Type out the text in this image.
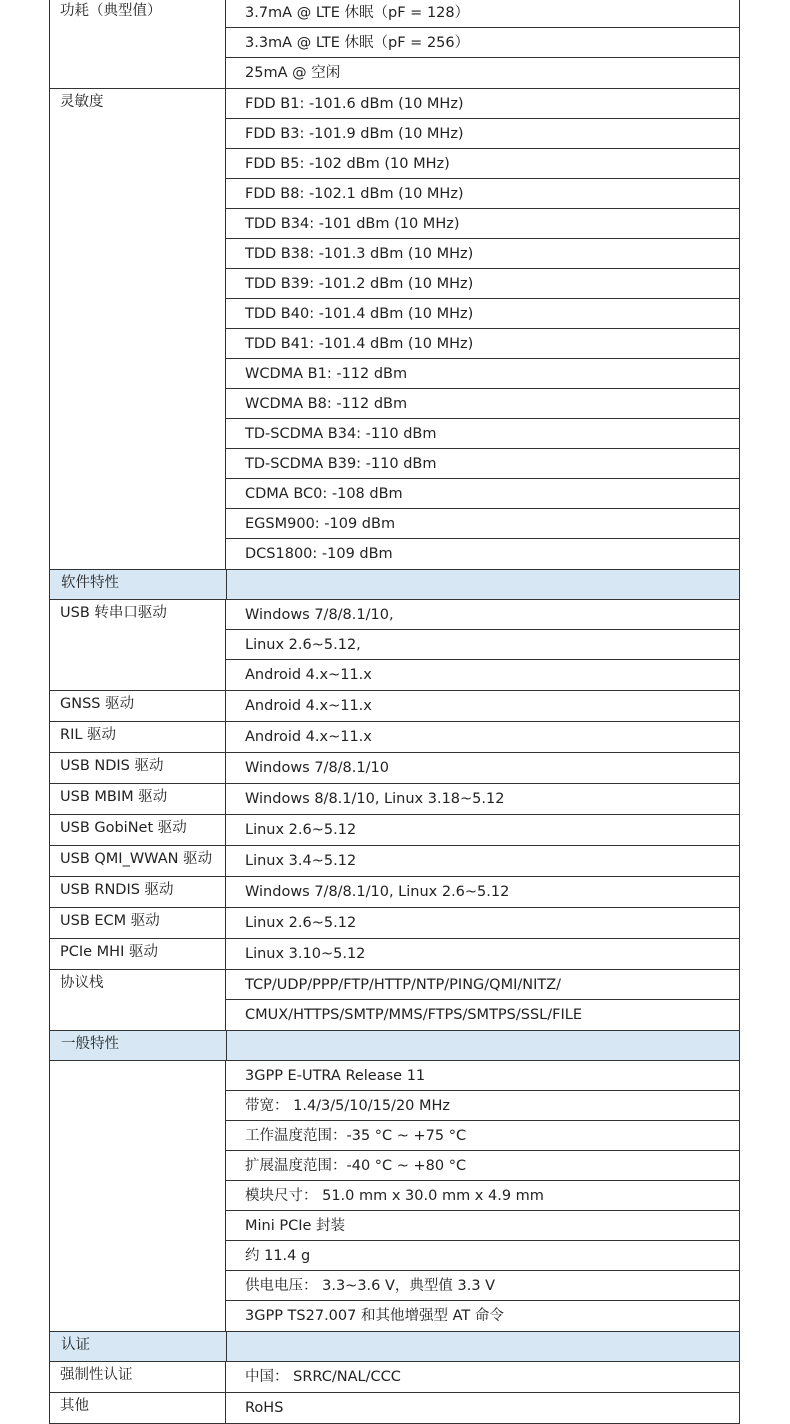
功耗（典型值）	3.7mA @ LTE 休眠（pF = 128）
3.3mA @ LTE 休眠（pF = 256）
25mA @ 空闲
灵敏度	FDD B1: -101.6 dBm (10 MHz)
FDD B3: -101.9 dBm (10 MHz)
FDD B5: -102 dBm (10 MHz)
FDD B8: -102.1 dBm (10 MHz)
TDD B34: -101 dBm (10 MHz)
TDD B38: -101.3 dBm (10 MHz)
TDD B39: -101.2 dBm (10 MHz)
TDD B40: -101.4 dBm (10 MHz)
TDD B41: -101.4 dBm (10 MHz)
WCDMA B1: -112 dBm
WCDMA B8: -112 dBm
TD-SCDMA B34: -110 dBm
TD-SCDMA B39: -110 dBm
CDMA BC0: -108 dBm
EGSM900: -109 dBm
DCS1800: -109 dBm
软件特性
USB 转串口驱动	Windows 7/8/8.1/10,
Linux 2.6~5.12,
Android 4.x~11.x
GNSS 驱动	Android 4.x~11.x
RIL 驱动	Android 4.x~11.x
USB NDIS 驱动	Windows 7/8/8.1/10
USB MBIM 驱动	Windows 8/8.1/10, Linux 3.18~5.12
USB GobiNet 驱动	Linux 2.6~5.12
USB QMI_WWAN 驱动	Linux 3.4~5.12
USB RNDIS 驱动	Windows 7/8/8.1/10, Linux 2.6~5.12
USB ECM 驱动	Linux 2.6~5.12
PCIe MHI 驱动	Linux 3.10~5.12
协议栈	TCP/UDP/PPP/FTP/HTTP/NTP/PING/QMI/NITZ/
CMUX/HTTPS/SMTP/MMS/FTPS/SMTPS/SSL/FILE
一般特性
3GPP E-UTRA Release 11
带宽： 1.4/3/5/10/15/20 MHz
工作温度范围：-35 °C ~ +75 °C
扩展温度范围：-40 °C ~ +80 °C
模块尺寸： 51.0 mm x 30.0 mm x 4.9 mm
Mini PCIe 封装
约 11.4 g
供电电压： 3.3~3.6 V，典型值 3.3 V
3GPP TS27.007 和其他增强型 AT 命令
认证
强制性认证	中国： SRRC/NAL/CCC
其他	RoHS
